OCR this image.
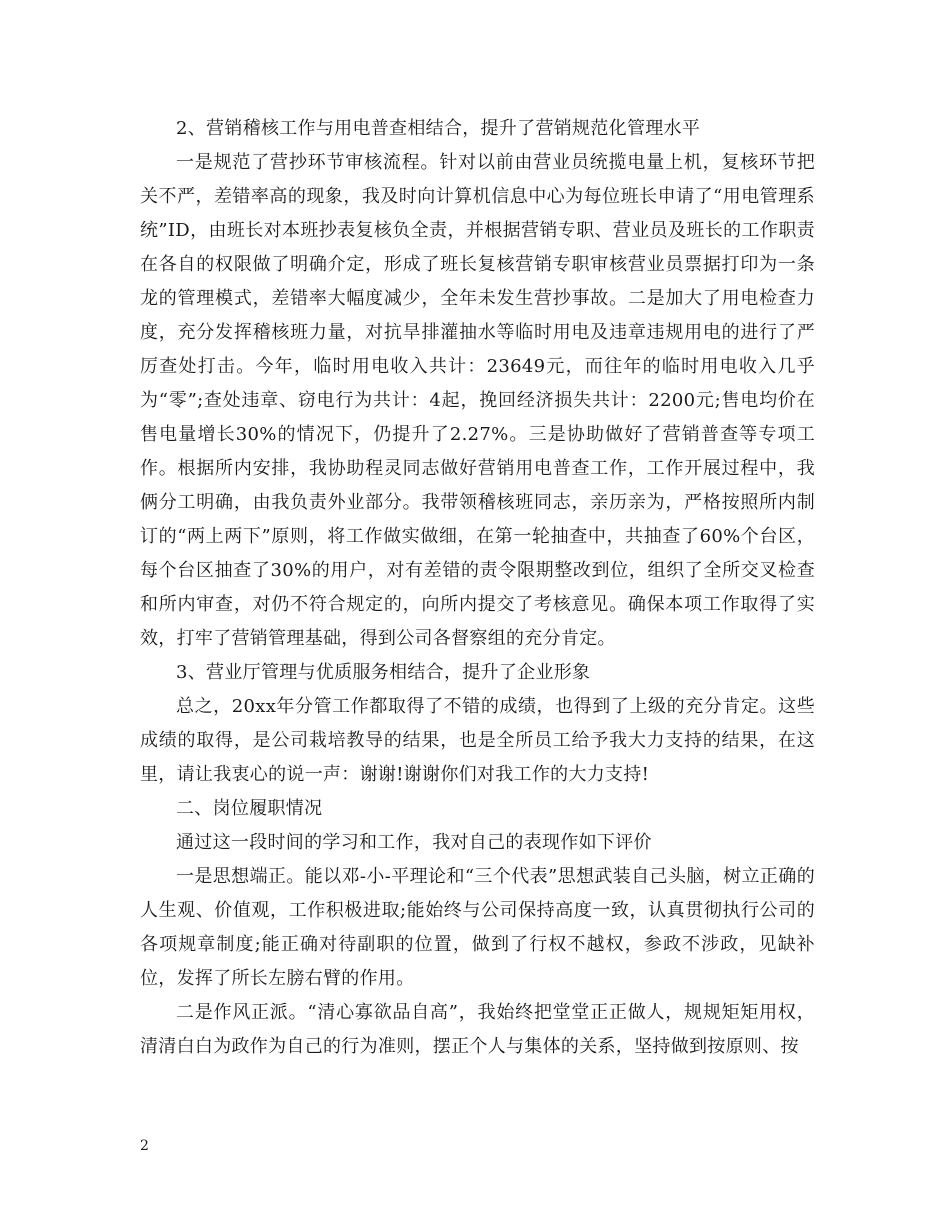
2、营销稽核工作与用电普查相结合，提升了营销规范化管理水平

一是规范了营抄环节审核流程。针对以前由营业员统揽电量上机，复核环节把关不严，差错率高的现象，我及时向计算机信息中心为每位班长申请了“用电管理系统”ID，由班长对本班抄表复核负全责，并根据营销专职、营业员及班长的工作职责在各自的权限做了明确介定，形成了班长复核营销专职审核营业员票据打印为一条龙的管理模式，差错率大幅度减少，全年未发生营抄事故。二是加大了用电检查力度，充分发挥稽核班力量，对抗旱排灌抽水等临时用电及违章违规用电的进行了严厉查处打击。今年，临时用电收入共计：23649元，而往年的临时用电收入几乎为“零”;查处违章、窃电行为共计：4起，挽回经济损失共计：2200元;售电均价在售电量增长30%的情况下，仍提升了2.27%。三是协助做好了营销普查等专项工作。根据所内安排，我协助程灵同志做好营销用电普查工作，工作开展过程中，我俩分工明确，由我负责外业部分。我带领稽核班同志，亲历亲为，严格按照所内制订的“两上两下”原则，将工作做实做细，在第一轮抽查中，共抽查了60%个台区，每个台区抽查了30%的用户，对有差错的责令限期整改到位，组织了全所交叉检查和所内审查，对仍不符合规定的，向所内提交了考核意见。确保本项工作取得了实效，打牢了营销管理基础，得到公司各督察组的充分肯定。

3、营业厅管理与优质服务相结合，提升了企业形象

总之，20xx年分管工作都取得了不错的成绩，也得到了上级的充分肯定。这些成绩的取得，是公司栽培教导的结果，也是全所员工给予我大力支持的结果，在这里，请让我衷心的说一声：谢谢!谢谢你们对我工作的大力支持!

二、岗位履职情况

通过这一段时间的学习和工作，我对自己的表现作如下评价

一是思想端正。能以邓-小-平理论和“三个代表”思想武装自己头脑，树立正确的人生观、价值观，工作积极进取;能始终与公司保持高度一致，认真贯彻执行公司的各项规章制度;能正确对待副职的位置，做到了行权不越权，参政不涉政，见缺补位，发挥了所长左膀右臂的作用。

二是作风正派。“清心寡欲品自高”，我始终把堂堂正正做人，规规矩矩用权，清清白白为政作为自己的行为准则，摆正个人与集体的关系，坚持做到按原则、按

2
